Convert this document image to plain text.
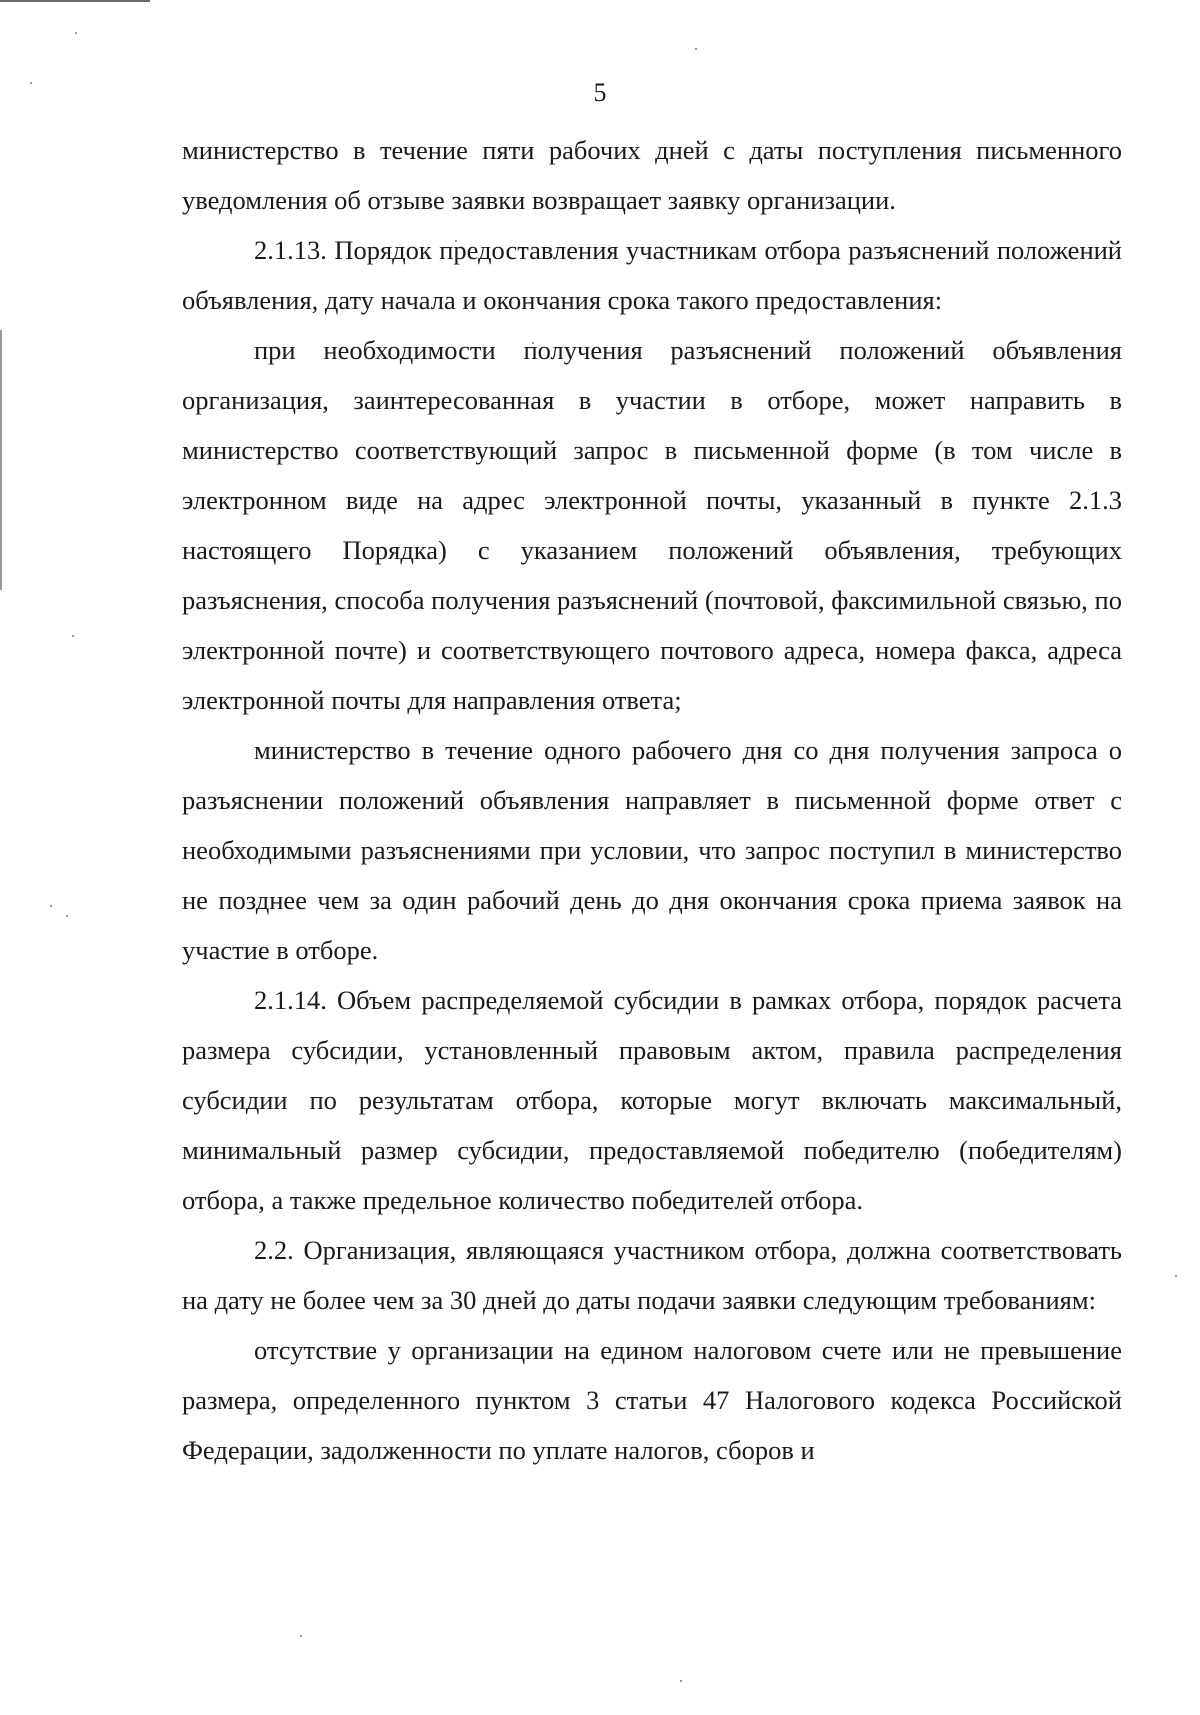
5

министерство в течение пяти рабочих дней с даты поступления письменного уведомления об отзыве заявки возвращает заявку организации.

2.1.13. Порядок предоставления участникам отбора разъяснений положений объявления, дату начала и окончания срока такого предоставления:

при необходимости получения разъяснений положений объявления организация, заинтересованная в участии в отборе, может направить в министерство соответствующий запрос в письменной форме (в том числе в электронном виде на адрес электронной почты, указанный в пункте 2.1.3 настоящего Порядка) с указанием положений объявления, требующих разъяснения, способа получения разъяснений (почтовой, факсимильной связью, по электронной почте) и соответствующего почтового адреса, номера факса, адреса электронной почты для направления ответа;

министерство в течение одного рабочего дня со дня получения запроса о разъяснении положений объявления направляет в письменной форме ответ с необходимыми разъяснениями при условии, что запрос поступил в министерство не позднее чем за один рабочий день до дня окончания срока приема заявок на участие в отборе.

2.1.14. Объем распределяемой субсидии в рамках отбора, порядок расчета размера субсидии, установленный правовым актом, правила распределения субсидии по результатам отбора, которые могут включать максимальный, минимальный размер субсидии, предоставляемой победителю (победителям) отбора, а также предельное количество победителей отбора.

2.2. Организация, являющаяся участником отбора, должна соответствовать на дату не более чем за 30 дней до даты подачи заявки следующим требованиям:

отсутствие у организации на едином налоговом счете или не превышение размера, определенного пунктом 3 статьи 47 Налогового кодекса Российской Федерации, задолженности по уплате налогов, сборов и
